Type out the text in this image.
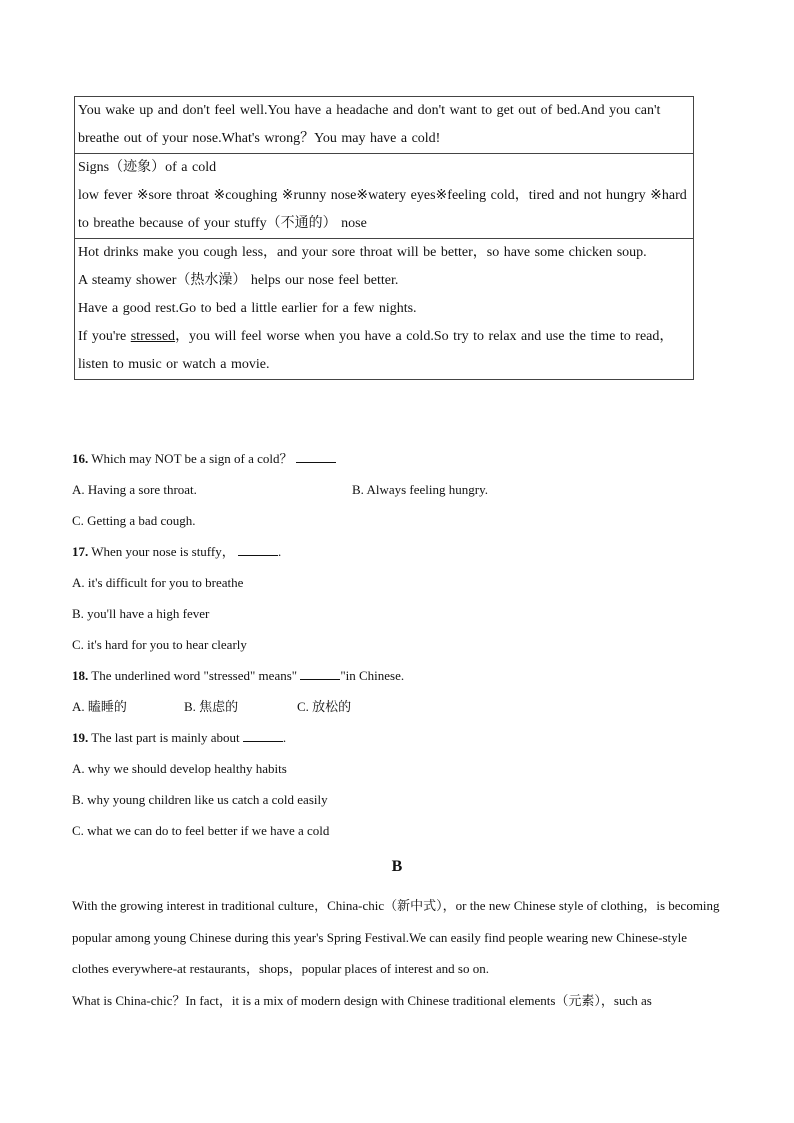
You wake up and don't feel well.You have a headache and don't want to get out of bed.And you can't breathe out of your nose.What's wrong？You may have a cold!

Signs（迹象）of a cold

low fever ※sore throat ※coughing ※runny nose※watery eyes※feeling cold，tired and not hungry ※hard to breathe because of your stuffy（不通的） nose

Hot drinks make you cough less，and your sore throat will be better，so have some chicken soup.

A steamy shower（热水澡） helps our nose feel better.

Have a good rest.Go to bed a little earlier for a few nights.

If you're stressed，you will feel worse when you have a cold.So try to relax and use the time to read，listen to music or watch a movie.

16. Which may NOT be a sign of a cold？
A. Having a sore throat.	B. Always feeling hungry.
C. Getting a bad cough.
17. When your nose is stuffy，	.
A. it's difficult for you to breathe
B. you'll have a high fever
C. it's hard for you to hear clearly
18. The underlined word "stressed" means"	"in Chinese.
A. 瞌睡的	B. 焦虑的	C. 放松的
19. The last part is mainly about	.
A. why we should develop healthy habits
B. why young children like us catch a cold easily
C. what we can do to feel better if we have a cold
B

With the growing interest in traditional culture，China-chic（新中式），or the new Chinese style of clothing，is becoming popular among young Chinese during this year's Spring Festival.We can easily find people wearing new Chinese-style clothes everywhere-at restaurants，shops，popular places of interest and so on.

What is China-chic？In fact，it is a mix of modern design with Chinese traditional elements（元素），such as
